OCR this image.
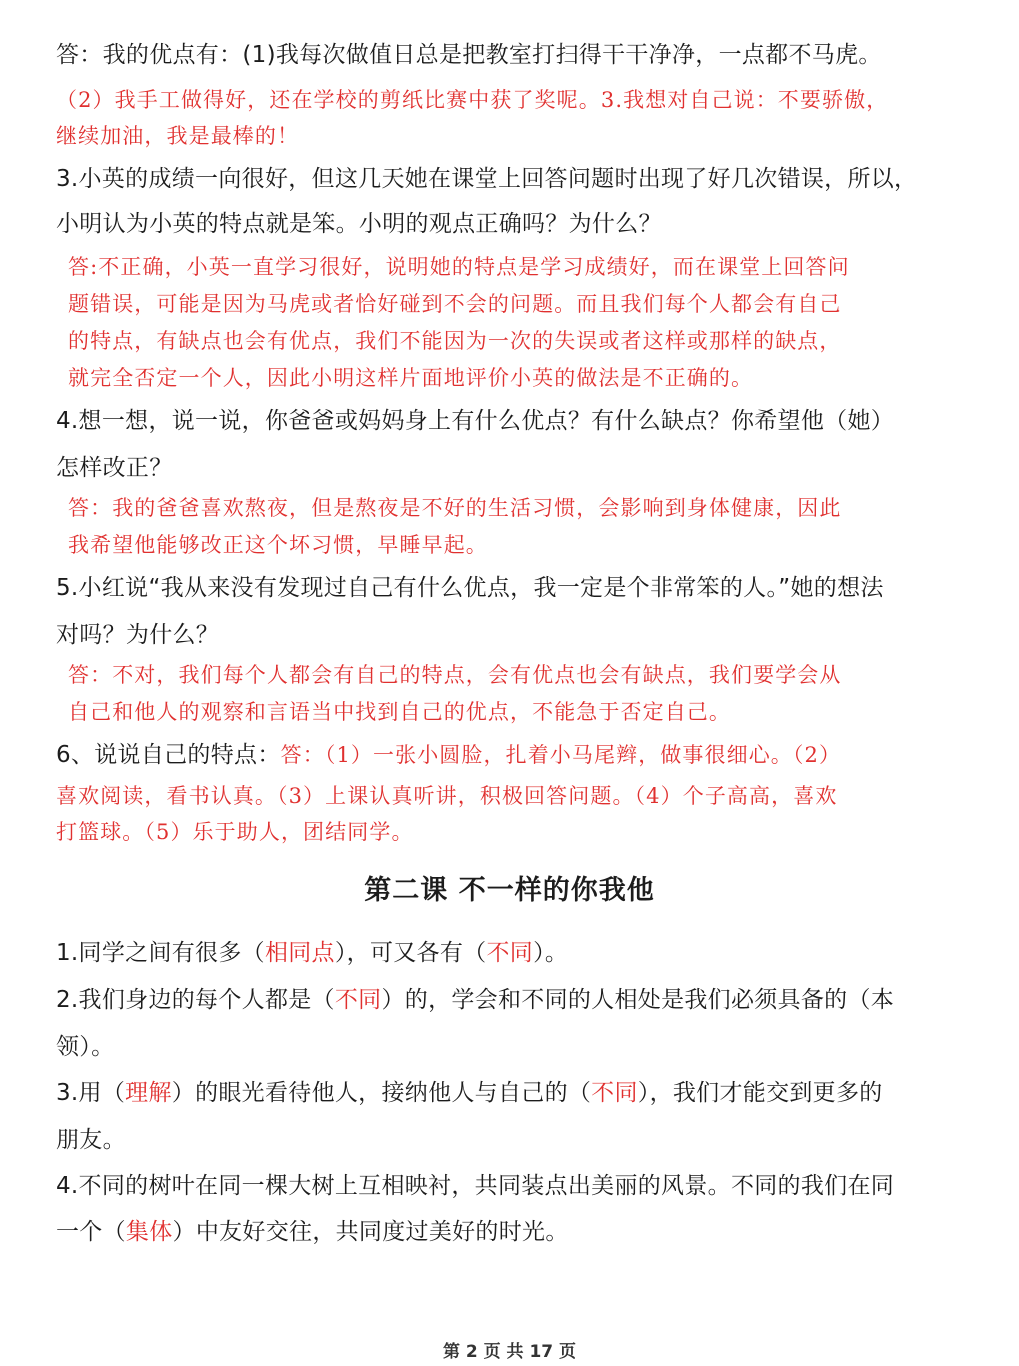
答：我的优点有：(1)我每次做值日总是把教室打扫得干干净净，一点都不马虎。
（2）我手工做得好，还在学校的剪纸比赛中获了奖呢。3.我想对自己说：不要骄傲，
继续加油，我是最棒的！
3.小英的成绩一向很好，但这几天她在课堂上回答问题时出现了好几次错误，所以，
小明认为小英的特点就是笨。小明的观点正确吗？为什么？
答:不正确，小英一直学习很好，说明她的特点是学习成绩好，而在课堂上回答问
题错误，可能是因为马虎或者恰好碰到不会的问题。而且我们每个人都会有自己
的特点，有缺点也会有优点，我们不能因为一次的失误或者这样或那样的缺点，
就完全否定一个人，因此小明这样片面地评价小英的做法是不正确的。
4.想一想，说一说，你爸爸或妈妈身上有什么优点？有什么缺点？你希望他（她）
怎样改正？
答：我的爸爸喜欢熬夜，但是熬夜是不好的生活习惯，会影响到身体健康，因此
我希望他能够改正这个坏习惯，早睡早起。
5.小红说“我从来没有发现过自己有什么优点，我一定是个非常笨的人。”她的想法
对吗？为什么？
答：不对，我们每个人都会有自己的特点，会有优点也会有缺点，我们要学会从
自己和他人的观察和言语当中找到自己的优点，不能急于否定自己。
6、说说自己的特点：答：（1）一张小圆脸，扎着小马尾辫，做事很细心。（2）
喜欢阅读，看书认真。（3）上课认真听讲，积极回答问题。（4）个子高高，喜欢
打篮球。（5）乐于助人，团结同学。
第二课 不一样的你我他
1.同学之间有很多（相同点），可又各有（不同）。
2.我们身边的每个人都是（不同）的，学会和不同的人相处是我们必须具备的（本
领）。
3.用（理解）的眼光看待他人，接纳他人与自己的（不同），我们才能交到更多的
朋友。
4.不同的树叶在同一棵大树上互相映衬，共同装点出美丽的风景。不同的我们在同
一个（集体）中友好交往，共同度过美好的时光。
第 2 页 共 17 页
